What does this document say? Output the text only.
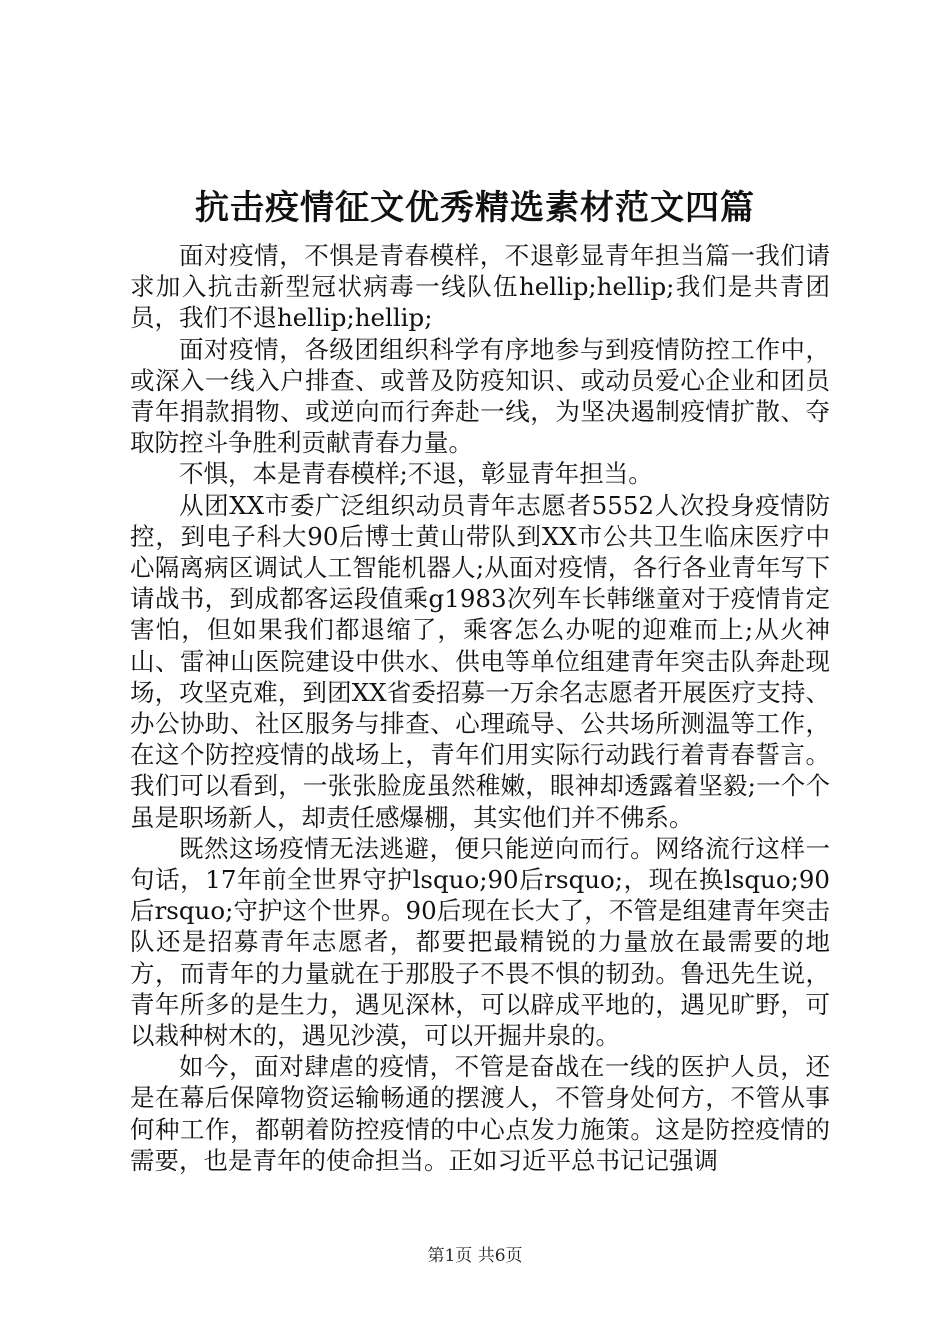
抗击疫情征文优秀精选素材范文四篇

面对疫情，不惧是青春模样，不退彰显青年担当篇一我们请求加入抗击新型冠状病毒一线队伍hellip;hellip;我们是共青团员，我们不退hellip;hellip;

面对疫情，各级团组织科学有序地参与到疫情防控工作中，或深入一线入户排查、或普及防疫知识、或动员爱心企业和团员青年捐款捐物、或逆向而行奔赴一线，为坚决遏制疫情扩散、夺取防控斗争胜利贡献青春力量。

不惧，本是青春模样;不退，彰显青年担当。

从团XX市委广泛组织动员青年志愿者5552人次投身疫情防控，到电子科大90后博士黄山带队到XX市公共卫生临床医疗中心隔离病区调试人工智能机器人;从面对疫情，各行各业青年写下请战书，到成都客运段值乘g1983次列车长韩继童对于疫情肯定害怕，但如果我们都退缩了，乘客怎么办呢的迎难而上;从火神山、雷神山医院建设中供水、供电等单位组建青年突击队奔赴现场，攻坚克难，到团XX省委招募一万余名志愿者开展医疗支持、办公协助、社区服务与排查、心理疏导、公共场所测温等工作，在这个防控疫情的战场上，青年们用实际行动践行着青春誓言。我们可以看到，一张张脸庞虽然稚嫩，眼神却透露着坚毅;一个个虽是职场新人，却责任感爆棚，其实他们并不佛系。

既然这场疫情无法逃避，便只能逆向而行。网络流行这样一句话，17年前全世界守护lsquo;90后rsquo;，现在换lsquo;90后rsquo;守护这个世界。90后现在长大了，不管是组建青年突击队还是招募青年志愿者，都要把最精锐的力量放在最需要的地方，而青年的力量就在于那股子不畏不惧的韧劲。鲁迅先生说，青年所多的是生力，遇见深林，可以辟成平地的，遇见旷野，可以栽种树木的，遇见沙漠，可以开掘井泉的。

如今，面对肆虐的疫情，不管是奋战在一线的医护人员，还是在幕后保障物资运输畅通的摆渡人，不管身处何方，不管从事何种工作，都朝着防控疫情的中心点发力施策。这是防控疫情的需要，也是青年的使命担当。正如习近平总书记记强调

第1页 共6页
